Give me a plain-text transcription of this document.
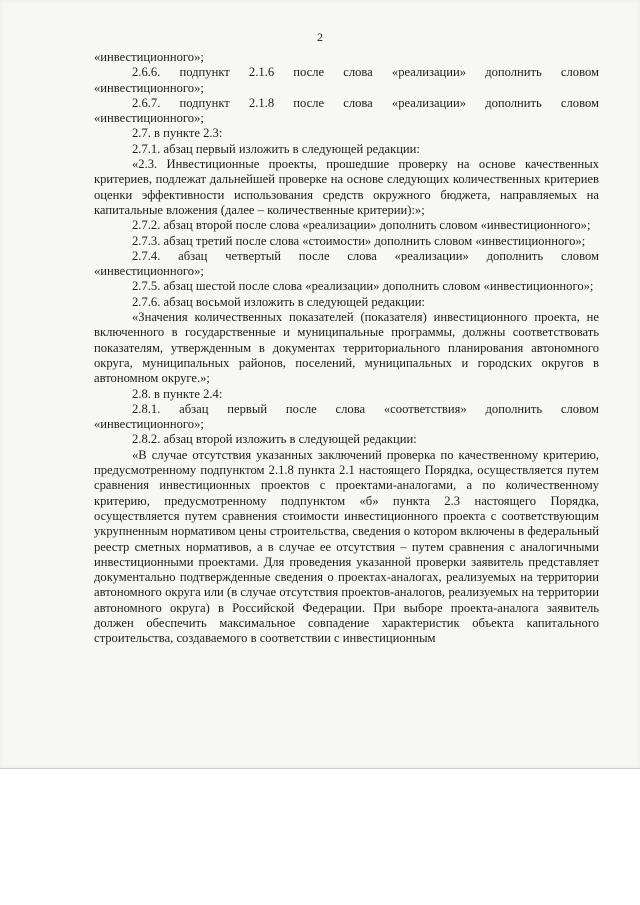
2

«инвестиционного»;

2.6.6. подпункт 2.1.6 после слова «реализации» дополнить словом «инвестиционного»;

2.6.7. подпункт 2.1.8 после слова «реализации» дополнить словом «инвестиционного»;

2.7. в пункте 2.3:

2.7.1. абзац первый изложить в следующей редакции:

«2.3. Инвестиционные проекты, прошедшие проверку на основе качественных критериев, подлежат дальнейшей проверке на основе следующих количественных критериев оценки эффективности использования средств окружного бюджета, направляемых на капитальные вложения (далее – количественные критерии):»;

2.7.2. абзац второй после слова «реализации» дополнить словом «инвестиционного»;

2.7.3. абзац третий после слова «стоимости» дополнить словом «инвестиционного»;

2.7.4. абзац четвертый после слова «реализации» дополнить словом «инвестиционного»;

2.7.5. абзац шестой после слова «реализации» дополнить словом «инвестиционного»;

2.7.6. абзац восьмой изложить в следующей редакции:

«Значения количественных показателей (показателя) инвестиционного проекта, не включенного в государственные и муниципальные программы, должны соответствовать показателям, утвержденным в документах территориального планирования автономного округа, муниципальных районов, поселений, муниципальных и городских округов в автономном округе.»;

2.8. в пункте 2.4:

2.8.1. абзац первый после слова «соответствия» дополнить словом «инвестиционного»;

2.8.2. абзац второй изложить в следующей редакции:

«В случае отсутствия указанных заключений проверка по качественному критерию, предусмотренному подпунктом 2.1.8 пункта 2.1 настоящего Порядка, осуществляется путем сравнения инвестиционных проектов с проектами-аналогами, а по количественному критерию, предусмотренному подпунктом «б» пункта 2.3 настоящего Порядка, осуществляется путем сравнения стоимости инвестиционного проекта с соответствующим укрупненным нормативом цены строительства, сведения о котором включены в федеральный реестр сметных нормативов, а в случае ее отсутствия – путем сравнения с аналогичными инвестиционными проектами. Для проведения указанной проверки заявитель представляет документально подтвержденные сведения о проектах-аналогах, реализуемых на территории автономного округа или (в случае отсутствия проектов-аналогов, реализуемых на территории автономного округа) в Российской Федерации. При выборе проекта-аналога заявитель должен обеспечить максимальное совпадение характеристик объекта капитального строительства, создаваемого в соответствии с инвестиционным
